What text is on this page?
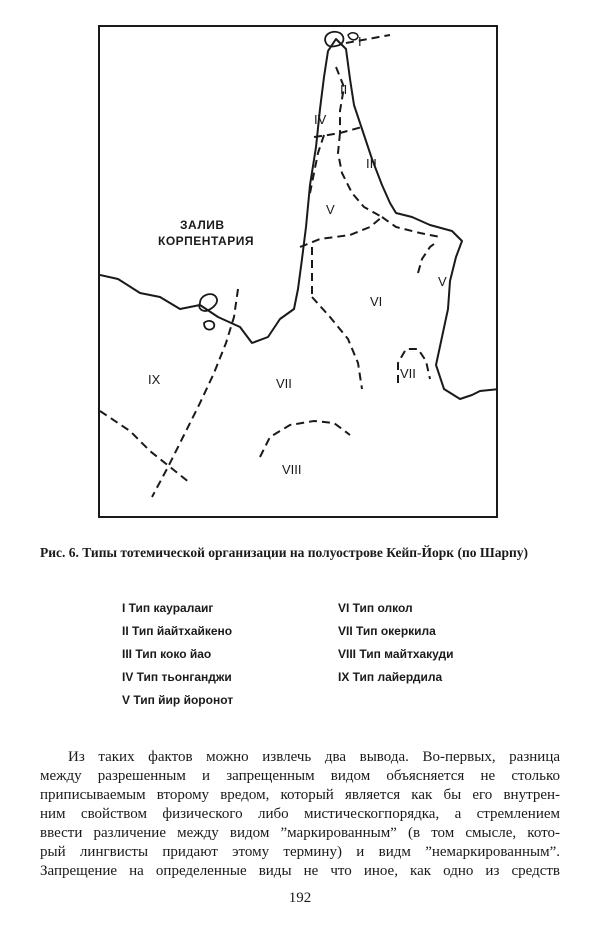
I
II
III
IV
V
V
VI
VII
VII
VIII
IX
ЗАЛИВ
КОРПЕНТАРИЯ
Рис. 6. Типы тотемической организации на полуострове Кейп-Йорк (по Шарпу)
I Тип кауралаиг
II Тип йайтхайкено
III Тип коко йао
IV Тип тьонганджи
V Тип йир йоронот
VI Тип олкол
VII Тип океркила
VIII Тип майтхакуди
IX Тип лайердила
Из таких фактов можно извлечь два вывода. Во-первых, разница
между разрешенным и запрещенным видом объясняется не столько
приписываемым второму вредом, который является как бы его внутрен-
ним свойством физического либо мистическогпорядка, а стремлением
ввести различение между видом ”маркированным” (в том смысле, кото-
рый лингвисты придают этому термину) и видм ”немаркированным”.
Запрещение на определенные виды не что иное, как одно из средств
192
